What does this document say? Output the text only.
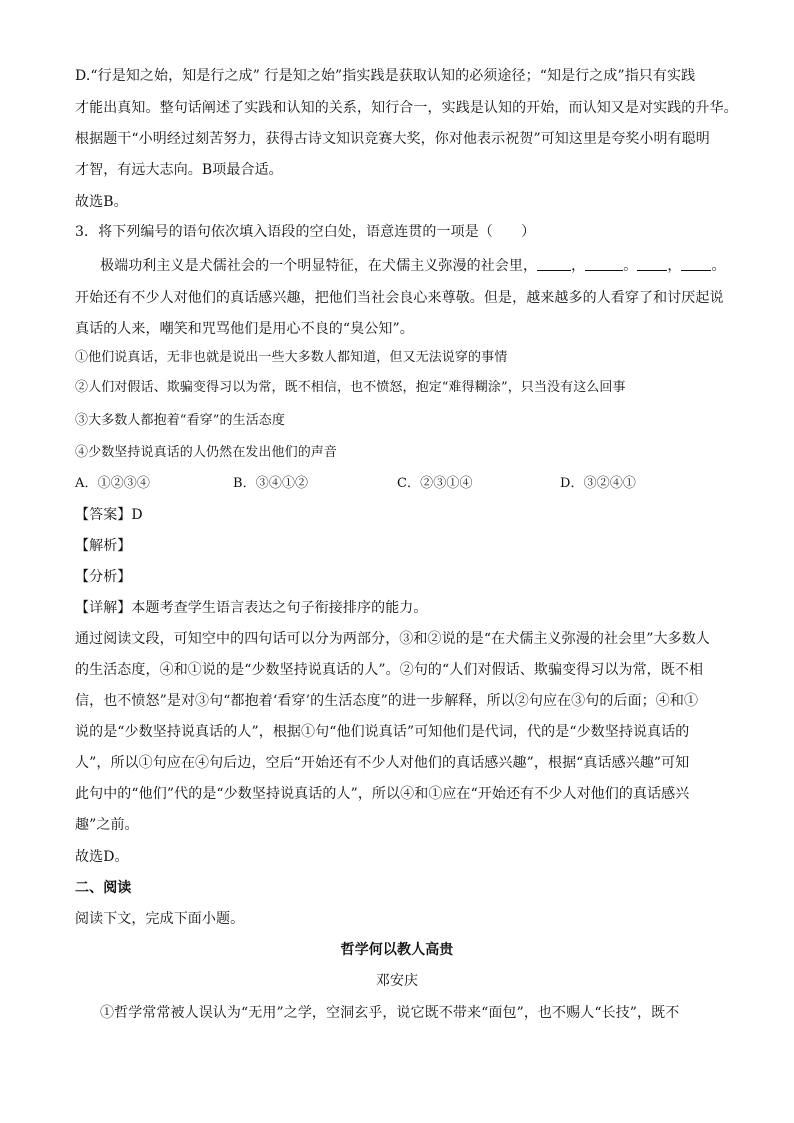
D.“行是知之始，知是行之成” 行是知之始”指实践是获取认知的必须途径；“知是行之成”指只有实践
才能出真知。整句话阐述了实践和认知的关系，知行合一，实践是认知的开始，而认知又是对实践的升华。
根据题干“小明经过刻苦努力，获得古诗文知识竞赛大奖，你对他表示祝贺”可知这里是夸奖小明有聪明
才智，有远大志向。B项最合适。
故选B。
3．将下列编号的语句依次填入语段的空白处，语意连贯的一项是（　　）
极端功利主义是犬儒社会的一个明显特征，在犬儒主义弥漫的社会里， ，	。 ， 。
开始还有不少人对他们的真话感兴趣，把他们当社会良心来尊敬。但是，越来越多的人看穿了和讨厌起说
真话的人来，嘲笑和咒骂他们是用心不良的“臭公知”。
①他们说真话，无非也就是说出一些大多数人都知道，但又无法说穿的事情
②人们对假话、欺骗变得习以为常，既不相信，也不愤怒，抱定“难得糊涂”，只当没有这么回事
③大多数人都抱着“看穿”的生活态度
④少数坚持说真话的人仍然在发出他们的声音
A．①②③④	B．③④①②	C．②③①④	D．③②④①
【答案】D
【解析】
【分析】
【详解】本题考查学生语言表达之句子衔接排序的能力。
通过阅读文段，可知空中的四句话可以分为两部分，③和②说的是“在犬儒主义弥漫的社会里”大多数人
的生活态度，④和①说的是“少数坚持说真话的人”。②句的“人们对假话、欺骗变得习以为常，既不相
信，也不愤怒”是对③句“都抱着‘看穿’的生活态度”的进一步解释，所以②句应在③句的后面；④和①
说的是“少数坚持说真话的人”，根据①句“他们说真话”可知他们是代词，代的是“少数坚持说真话的
人”，所以①句应在④句后边，空后“开始还有不少人对他们的真话感兴趣”，根据“真话感兴趣”可知
此句中的“他们”代的是“少数坚持说真话的人”，所以④和①应在“开始还有不少人对他们的真话感兴
趣”之前。
故选D。
二、阅读
阅读下文，完成下面小题。
哲学何以教人高贵
邓安庆
①哲学常常被人误认为“无用”之学，空洞玄乎，说它既不带来“面包”，也不赐人“长技”，既不
